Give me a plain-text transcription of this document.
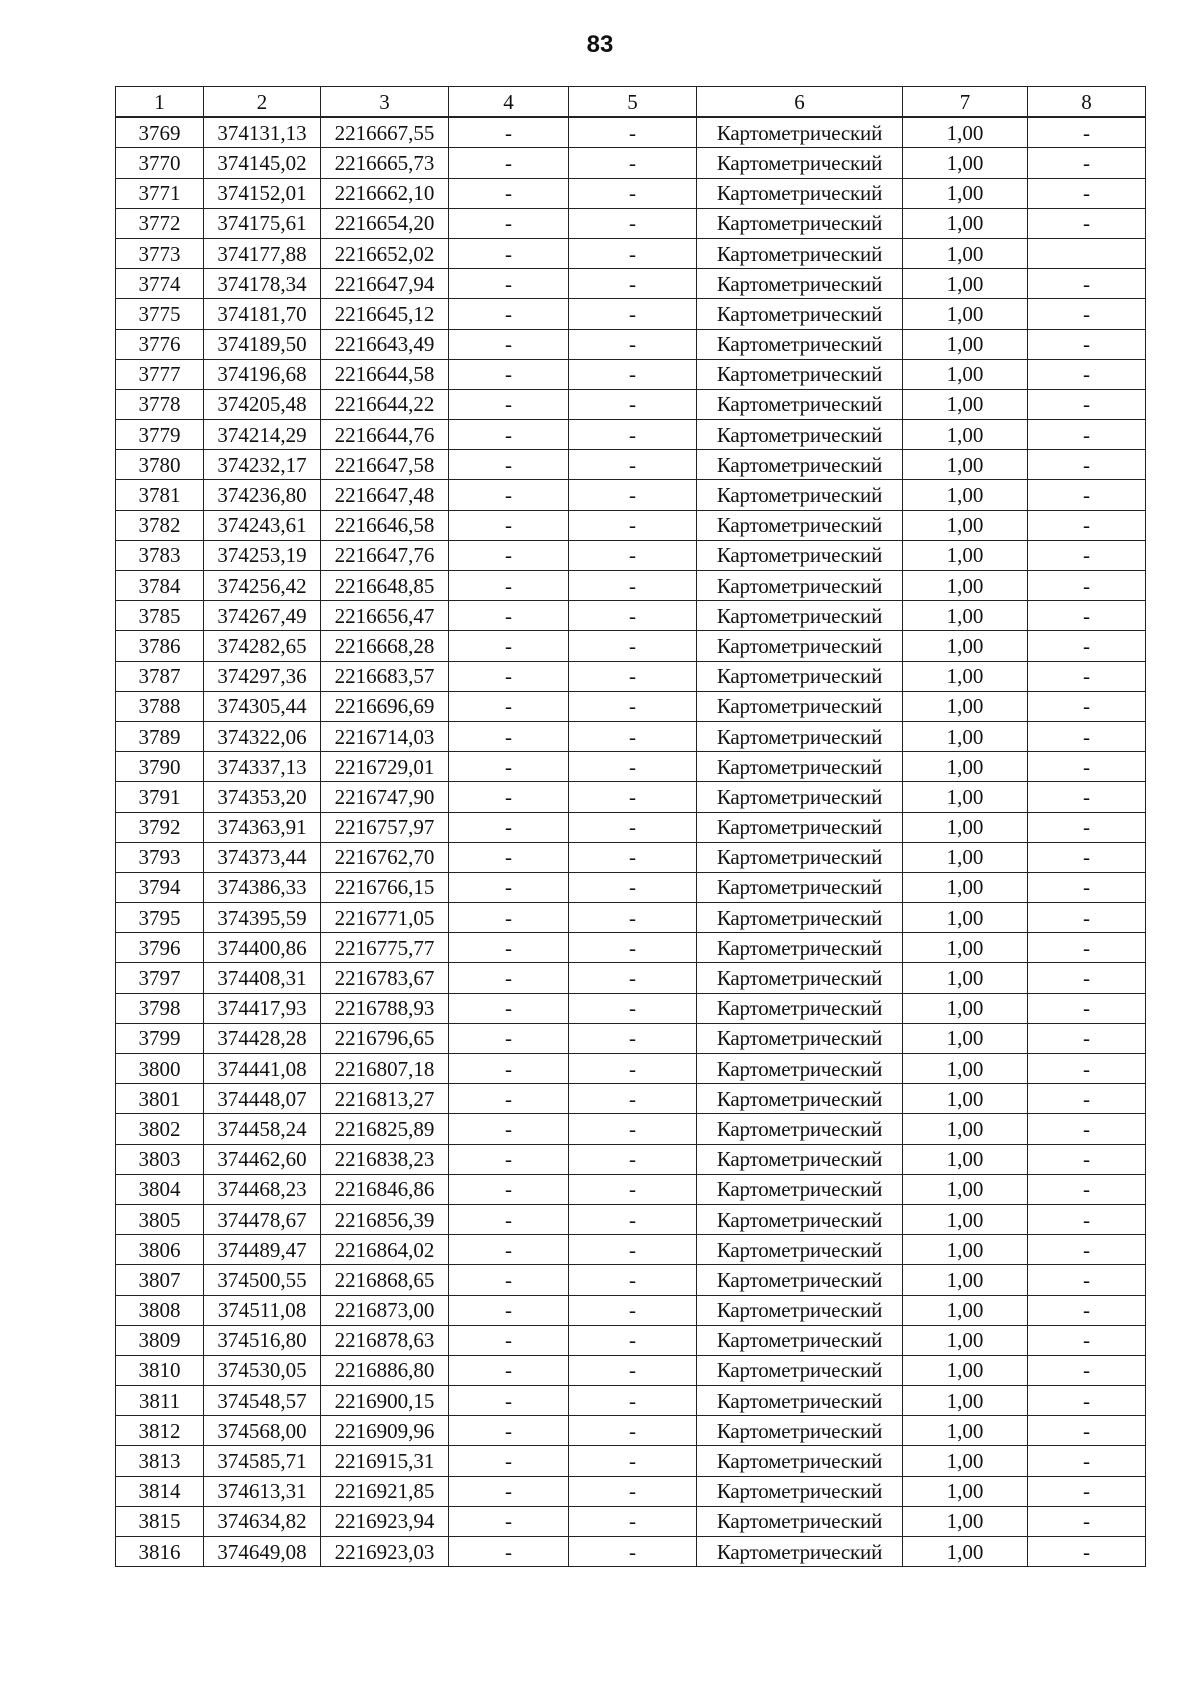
83
1	2	3	4	5	6	7	8
3769	374131,13	2216667,55	-	-	Картометрический	1,00	-
3770	374145,02	2216665,73	-	-	Картометрический	1,00	-
3771	374152,01	2216662,10	-	-	Картометрический	1,00	-
3772	374175,61	2216654,20	-	-	Картометрический	1,00	-
3773	374177,88	2216652,02	-	-	Картометрический	1,00	
3774	374178,34	2216647,94	-	-	Картометрический	1,00	-
3775	374181,70	2216645,12	-	-	Картометрический	1,00	-
3776	374189,50	2216643,49	-	-	Картометрический	1,00	-
3777	374196,68	2216644,58	-	-	Картометрический	1,00	-
3778	374205,48	2216644,22	-	-	Картометрический	1,00	-
3779	374214,29	2216644,76	-	-	Картометрический	1,00	-
3780	374232,17	2216647,58	-	-	Картометрический	1,00	-
3781	374236,80	2216647,48	-	-	Картометрический	1,00	-
3782	374243,61	2216646,58	-	-	Картометрический	1,00	-
3783	374253,19	2216647,76	-	-	Картометрический	1,00	-
3784	374256,42	2216648,85	-	-	Картометрический	1,00	-
3785	374267,49	2216656,47	-	-	Картометрический	1,00	-
3786	374282,65	2216668,28	-	-	Картометрический	1,00	-
3787	374297,36	2216683,57	-	-	Картометрический	1,00	-
3788	374305,44	2216696,69	-	-	Картометрический	1,00	-
3789	374322,06	2216714,03	-	-	Картометрический	1,00	-
3790	374337,13	2216729,01	-	-	Картометрический	1,00	-
3791	374353,20	2216747,90	-	-	Картометрический	1,00	-
3792	374363,91	2216757,97	-	-	Картометрический	1,00	-
3793	374373,44	2216762,70	-	-	Картометрический	1,00	-
3794	374386,33	2216766,15	-	-	Картометрический	1,00	-
3795	374395,59	2216771,05	-	-	Картометрический	1,00	-
3796	374400,86	2216775,77	-	-	Картометрический	1,00	-
3797	374408,31	2216783,67	-	-	Картометрический	1,00	-
3798	374417,93	2216788,93	-	-	Картометрический	1,00	-
3799	374428,28	2216796,65	-	-	Картометрический	1,00	-
3800	374441,08	2216807,18	-	-	Картометрический	1,00	-
3801	374448,07	2216813,27	-	-	Картометрический	1,00	-
3802	374458,24	2216825,89	-	-	Картометрический	1,00	-
3803	374462,60	2216838,23	-	-	Картометрический	1,00	-
3804	374468,23	2216846,86	-	-	Картометрический	1,00	-
3805	374478,67	2216856,39	-	-	Картометрический	1,00	-
3806	374489,47	2216864,02	-	-	Картометрический	1,00	-
3807	374500,55	2216868,65	-	-	Картометрический	1,00	-
3808	374511,08	2216873,00	-	-	Картометрический	1,00	-
3809	374516,80	2216878,63	-	-	Картометрический	1,00	-
3810	374530,05	2216886,80	-	-	Картометрический	1,00	-
3811	374548,57	2216900,15	-	-	Картометрический	1,00	-
3812	374568,00	2216909,96	-	-	Картометрический	1,00	-
3813	374585,71	2216915,31	-	-	Картометрический	1,00	-
3814	374613,31	2216921,85	-	-	Картометрический	1,00	-
3815	374634,82	2216923,94	-	-	Картометрический	1,00	-
3816	374649,08	2216923,03	-	-	Картометрический	1,00	-
